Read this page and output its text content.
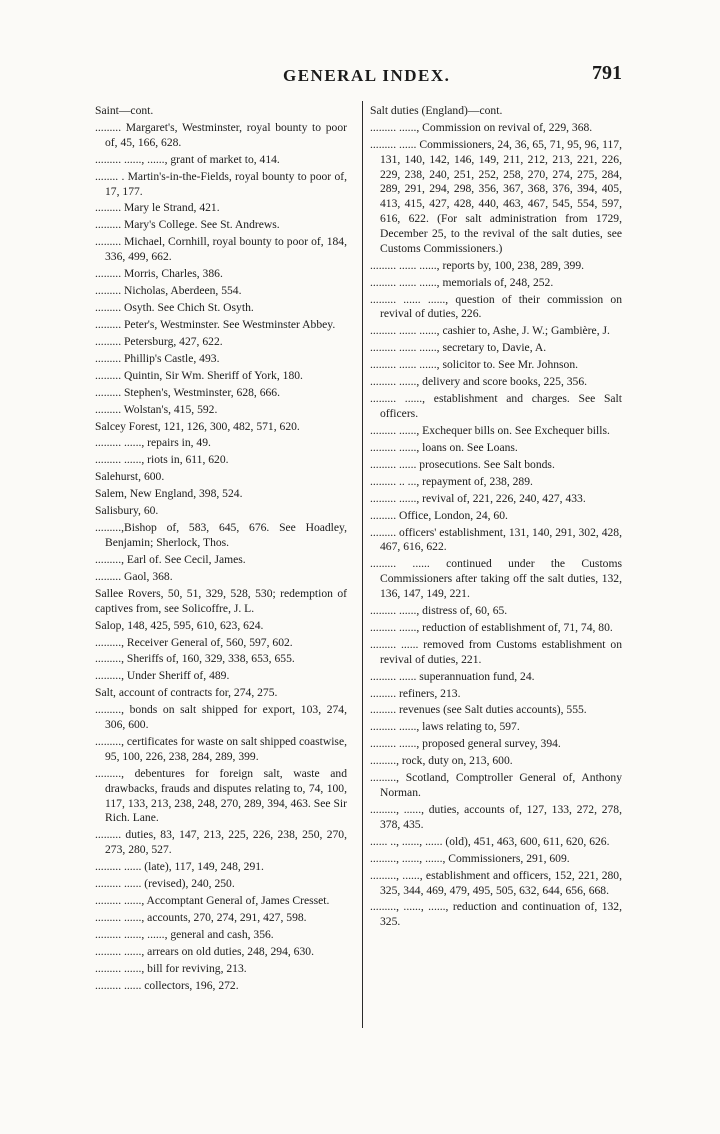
GENERAL INDEX.	791

Saint—cont.

......... Margaret's, Westminster, royal bounty to poor of, 45, 166, 628.

......... ......, ......, grant of market to, 414.

........ . Martin's-in-the-Fields, royal bounty to poor of, 17, 177.

......... Mary le Strand, 421.

......... Mary's College. See St. Andrews.

......... Michael, Cornhill, royal bounty to poor of, 184, 336, 499, 662.

......... Morris, Charles, 386.

......... Nicholas, Aberdeen, 554.

......... Osyth. See Chich St. Osyth.

......... Peter's, Westminster. See Westminster Abbey.

......... Petersburg, 427, 622.

......... Phillip's Castle, 493.

......... Quintin, Sir Wm. Sheriff of York, 180.

......... Stephen's, Westminster, 628, 666.

......... Wolstan's, 415, 592.

Salcey Forest, 121, 126, 300, 482, 571, 620.

......... ......, repairs in, 49.

......... ......, riots in, 611, 620.

Salehurst, 600.

Salem, New England, 398, 524.

Salisbury, 60.

.........,Bishop of, 583, 645, 676. See Hoadley, Benjamin; Sherlock, Thos.

........., Earl of. See Cecil, James.

......... Gaol, 368.

Sallee Rovers, 50, 51, 329, 528, 530; redemption of captives from, see Solicoffre, J. L.

Salop, 148, 425, 595, 610, 623, 624.

........., Receiver General of, 560, 597, 602.

........., Sheriffs of, 160, 329, 338, 653, 655.

........., Under Sheriff of, 489.

Salt, account of contracts for, 274, 275.

........., bonds on salt shipped for export, 103, 274, 306, 600.

........., certificates for waste on salt shipped coastwise, 95, 100, 226, 238, 284, 289, 399.

........., debentures for foreign salt, waste and drawbacks, frauds and disputes relating to, 74, 100, 117, 133, 213, 238, 248, 270, 289, 394, 463. See Sir Rich. Lane.

......... duties, 83, 147, 213, 225, 226, 238, 250, 270, 273, 280, 527.

......... ...... (late), 117, 149, 248, 291.

......... ...... (revised), 240, 250.

......... ......, Accomptant General of, James Cresset.

......... ......, accounts, 270, 274, 291, 427, 598.

......... ......, ......, general and cash, 356.

......... ......, arrears on old duties, 248, 294, 630.

......... ......, bill for reviving, 213.

......... ...... collectors, 196, 272.

Salt duties (England)—cont.

......... ......, Commission on revival of, 229, 368.

......... ...... Commissioners, 24, 36, 65, 71, 95, 96, 117, 131, 140, 142, 146, 149, 211, 212, 213, 221, 226, 229, 238, 240, 251, 252, 258, 270, 274, 275, 284, 289, 291, 294, 298, 356, 367, 368, 376, 394, 405, 413, 415, 427, 428, 440, 463, 467, 545, 554, 597, 616, 622. (For salt administration from 1729, December 25, to the revival of the salt duties, see Customs Commissioners.)

......... ...... ......, reports by, 100, 238, 289, 399.

......... ...... ......, memorials of, 248, 252.

......... ...... ......, question of their commission on revival of duties, 226.

......... ...... ......, cashier to, Ashe, J. W.; Gambière, J.

......... ...... ......, secretary to, Davie, A.

......... ...... ......, solicitor to. See Mr. Johnson.

......... ......, delivery and score books, 225, 356.

......... ......, establishment and charges. See Salt officers.

......... ......, Exchequer bills on. See Exchequer bills.

......... ......, loans on. See Loans.

......... ...... prosecutions. See Salt bonds.

......... .. ..., repayment of, 238, 289.

......... ......, revival of, 221, 226, 240, 427, 433.

......... Office, London, 24, 60.

......... officers' establishment, 131, 140, 291, 302, 428, 467, 616, 622.

......... ...... continued under the Customs Commissioners after taking off the salt duties, 132, 136, 147, 149, 221.

......... ......, distress of, 60, 65.

......... ......, reduction of establishment of, 71, 74, 80.

......... ...... removed from Customs establishment on revival of duties, 221.

......... ...... superannuation fund, 24.

......... refiners, 213.

......... revenues (see Salt duties accounts), 555.

......... ......, laws relating to, 597.

......... ......, proposed general survey, 394.

........., rock, duty on, 213, 600.

........., Scotland, Comptroller General of, Anthony Norman.

........., ......, duties, accounts of, 127, 133, 272, 278, 378, 435.

...... .., ......, ...... (old), 451, 463, 600, 611, 620, 626.

........., ......, ......, Commissioners, 291, 609.

........., ......, establishment and officers, 152, 221, 280, 325, 344, 469, 479, 495, 505, 632, 644, 656, 668.

........., ......, ......, reduction and continuation of, 132, 325.
